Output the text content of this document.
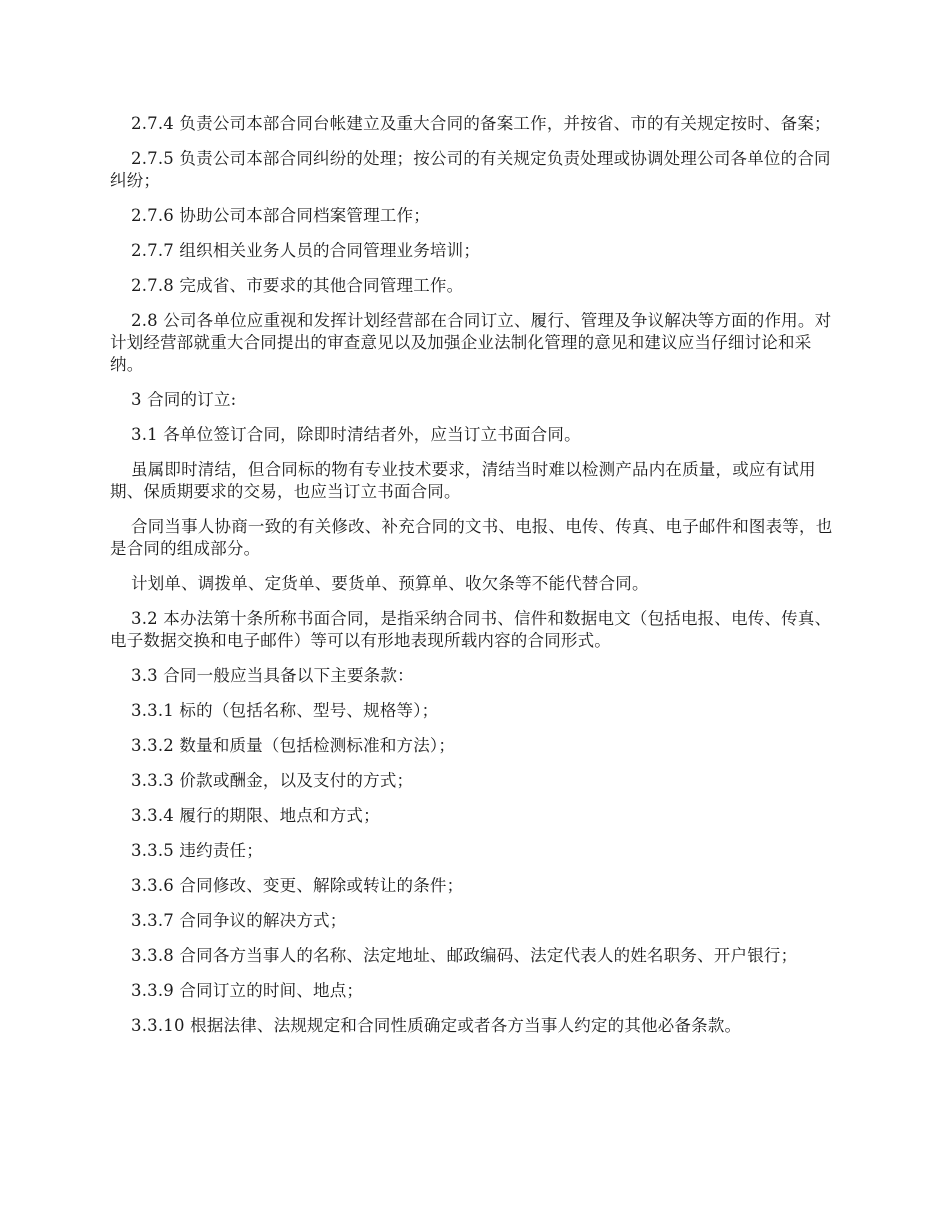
2.7.4 负责公司本部合同台帐建立及重大合同的备案工作，并按省、市的有关规定按时、备案；

2.7.5 负责公司本部合同纠纷的处理；按公司的有关规定负责处理或协调处理公司各单位的合同纠纷；

2.7.6 协助公司本部合同档案管理工作；

2.7.7 组织相关业务人员的合同管理业务培训；

2.7.8 完成省、市要求的其他合同管理工作。

2.8 公司各单位应重视和发挥计划经营部在合同订立、履行、管理及争议解决等方面的作用。对计划经营部就重大合同提出的审查意见以及加强企业法制化管理的意见和建议应当仔细讨论和采纳。

3 合同的订立:

3.1 各单位签订合同，除即时清结者外，应当订立书面合同。

虽属即时清结，但合同标的物有专业技术要求，清结当时难以检测产品内在质量，或应有试用期、保质期要求的交易，也应当订立书面合同。

合同当事人协商一致的有关修改、补充合同的文书、电报、电传、传真、电子邮件和图表等，也是合同的组成部分。

计划单、调拨单、定货单、要货单、预算单、收欠条等不能代替合同。

3.2 本办法第十条所称书面合同，是指采纳合同书、信件和数据电文（包括电报、电传、传真、电子数据交换和电子邮件）等可以有形地表现所载内容的合同形式。

3.3 合同一般应当具备以下主要条款：

3.3.1 标的（包括名称、型号、规格等）；

3.3.2 数量和质量（包括检测标准和方法）；

3.3.3 价款或酬金，以及支付的方式；

3.3.4 履行的期限、地点和方式；

3.3.5 违约责任；

3.3.6 合同修改、变更、解除或转让的条件；

3.3.7 合同争议的解决方式；

3.3.8 合同各方当事人的名称、法定地址、邮政编码、法定代表人的姓名职务、开户银行；

3.3.9 合同订立的时间、地点；

3.3.10 根据法律、法规规定和合同性质确定或者各方当事人约定的其他必备条款。
